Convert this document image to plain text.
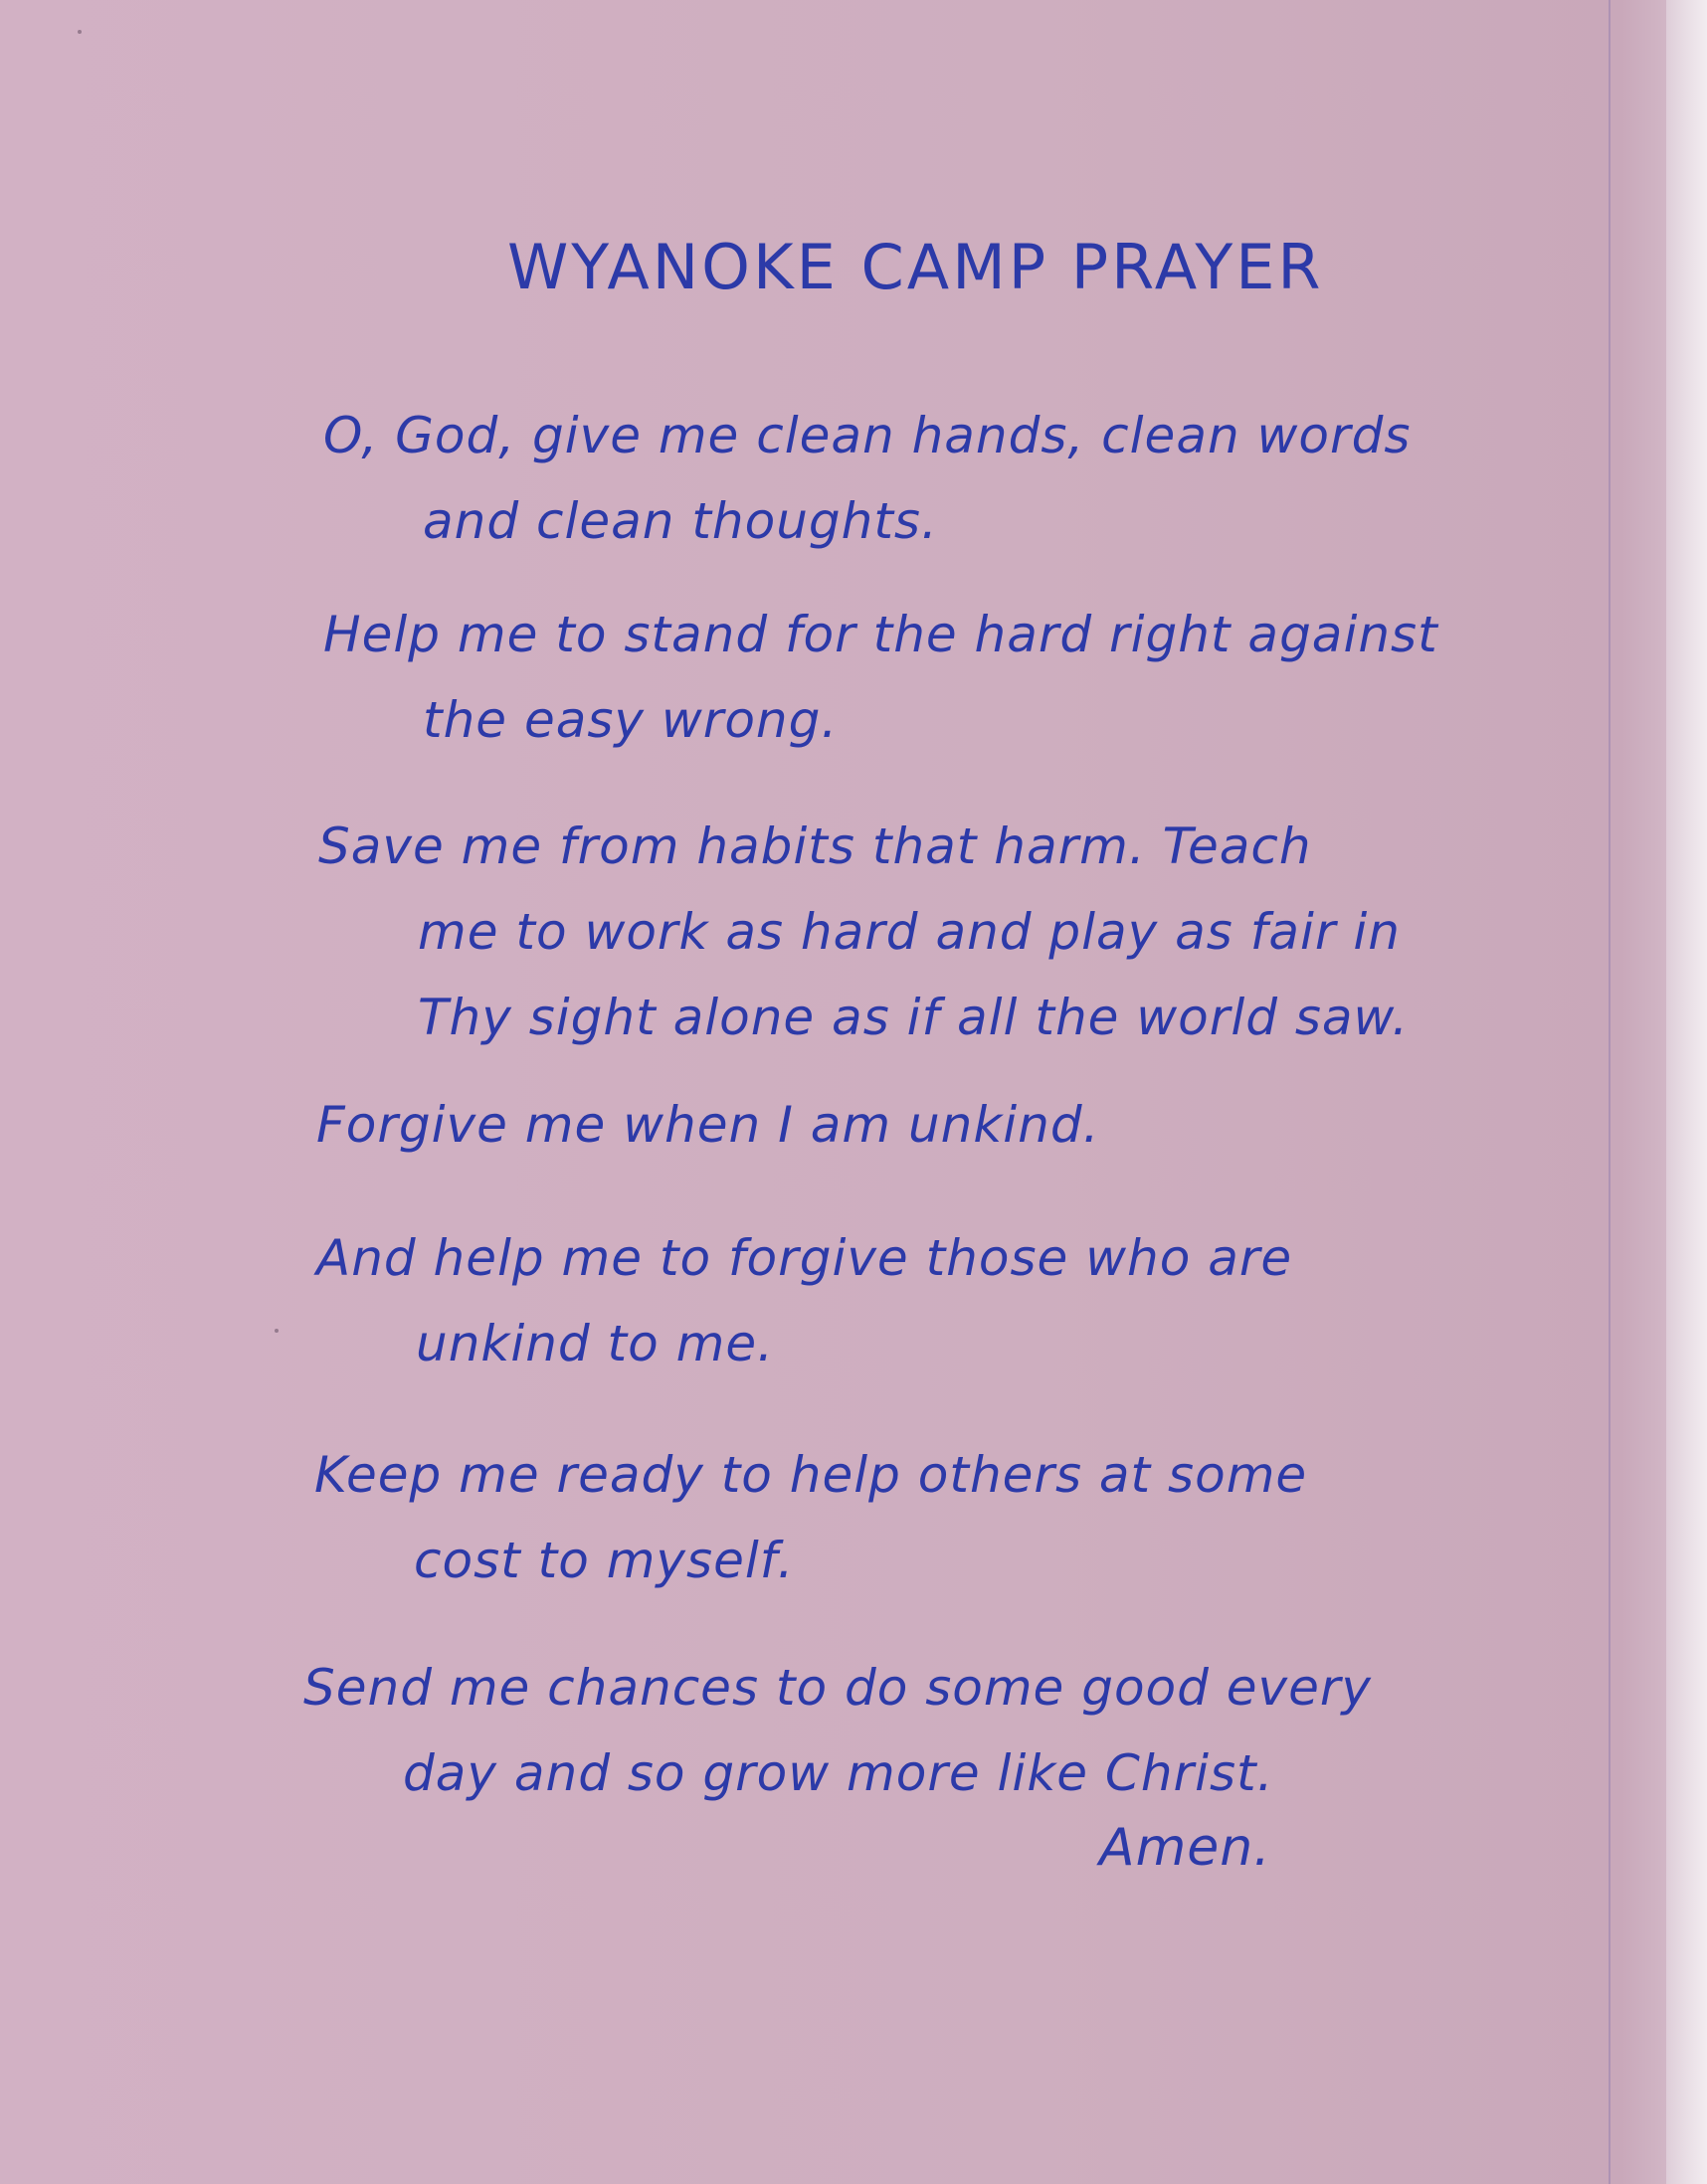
WYANOKE CAMP PRAYER
O, God, give me clean hands, clean words
and clean thoughts.
Help me to stand for the hard right against
the easy wrong.
Save me from habits that harm. Teach
me to work as hard and play as fair in
Thy sight alone as if all the world saw.
Forgive me when I am unkind.
And help me to forgive those who are
unkind to me.
Keep me ready to help others at some
cost to myself.
Send me chances to do some good every
day and so grow more like Christ.
Amen.
